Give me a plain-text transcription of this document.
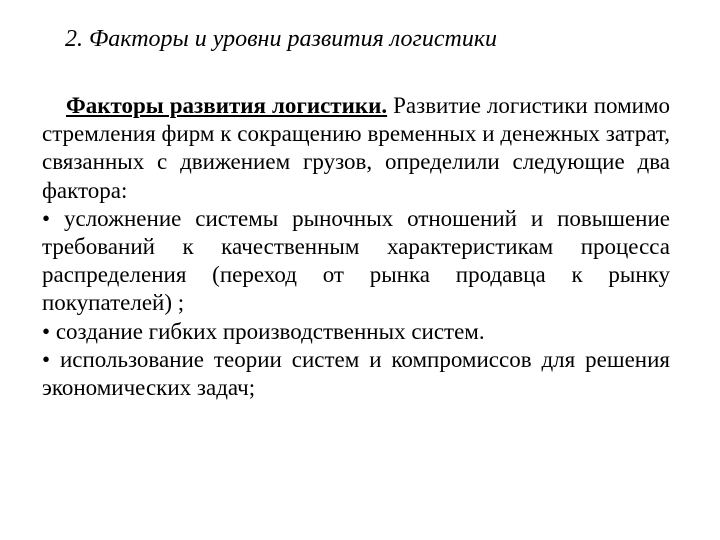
2. Факторы и уровни развития логистики

Факторы развития логистики. Развитие логистики помимо стремления фирм к сокращению временных и денежных затрат, связанных с движением грузов, определили следующие два фактора:

• усложнение системы рыночных отношений и повышение требований к качественным характеристикам процесса распределения (переход от рынка продавца к рынку покупателей) ;

• создание гибких производственных систем.

• использование теории систем и компромиссов для решения экономических задач;
